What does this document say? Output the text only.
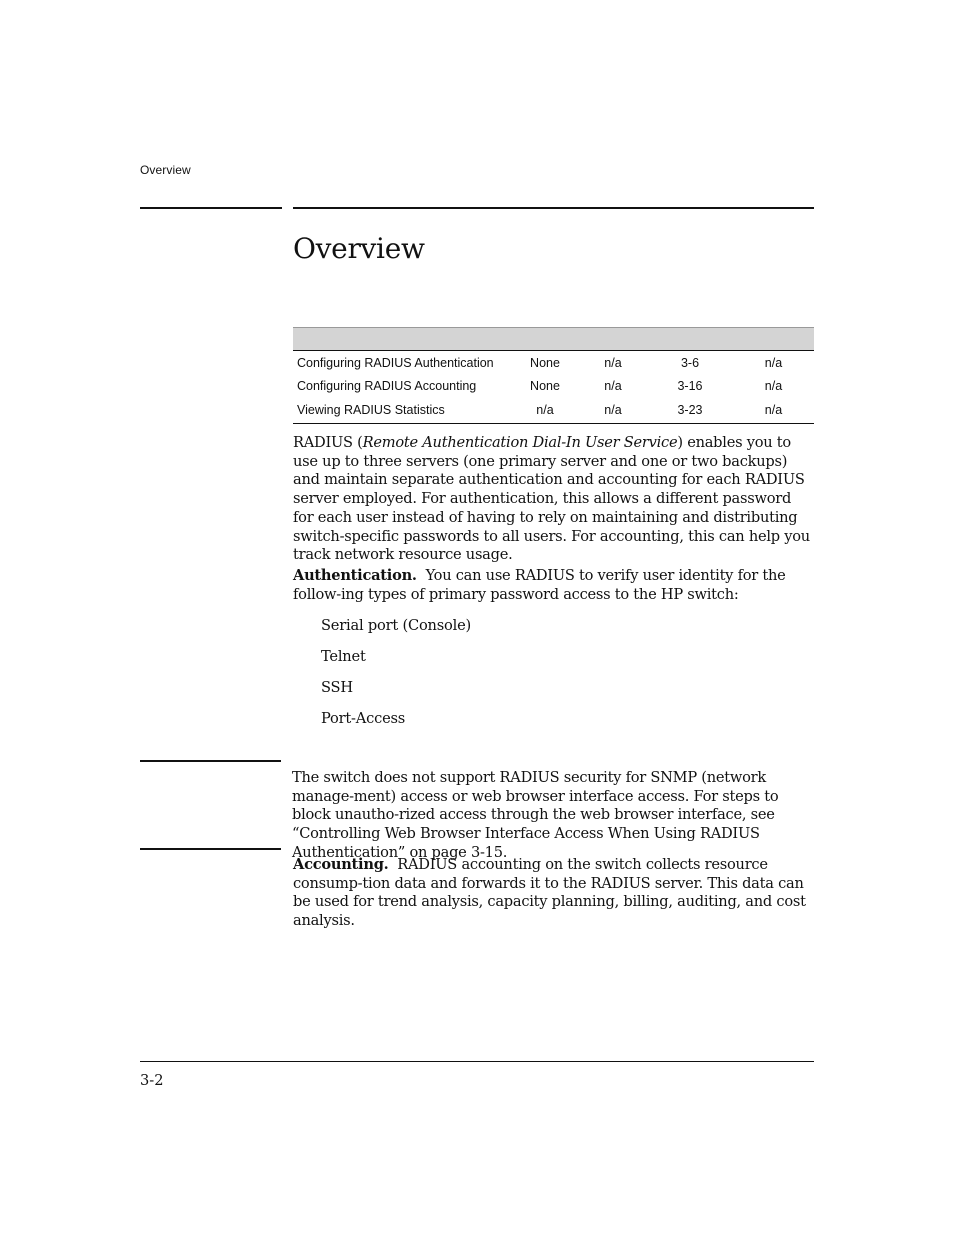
Overview
Overview

Configuring RADIUS Authentication	None	n/a	3-6	n/a
Configuring RADIUS Accounting	None	n/a	3-16	n/a
Viewing RADIUS Statistics	n/a	n/a	3-23	n/a

RADIUS (Remote Authentication Dial-In User Service) enables you to use up to three servers (one primary server and one or two backups) and maintain separate authentication and accounting for each RADIUS server employed. For authentication, this allows a different password for each user instead of having to rely on maintaining and distributing switch-specific passwords to all users. For accounting, this can help you track network resource usage.

Authentication. You can use RADIUS to verify user identity for the follow-ing types of primary password access to the HP switch:

Serial port (Console)
Telnet
SSH
Port-Access

The switch does not support RADIUS security for SNMP (network manage-ment) access or web browser interface access. For steps to block unautho-rized access through the web browser interface, see “Controlling Web Browser Interface Access When Using RADIUS Authentication” on page 3-15.

Accounting. RADIUS accounting on the switch collects resource consump-tion data and forwards it to the RADIUS server. This data can be used for trend analysis, capacity planning, billing, auditing, and cost analysis.

3-2
